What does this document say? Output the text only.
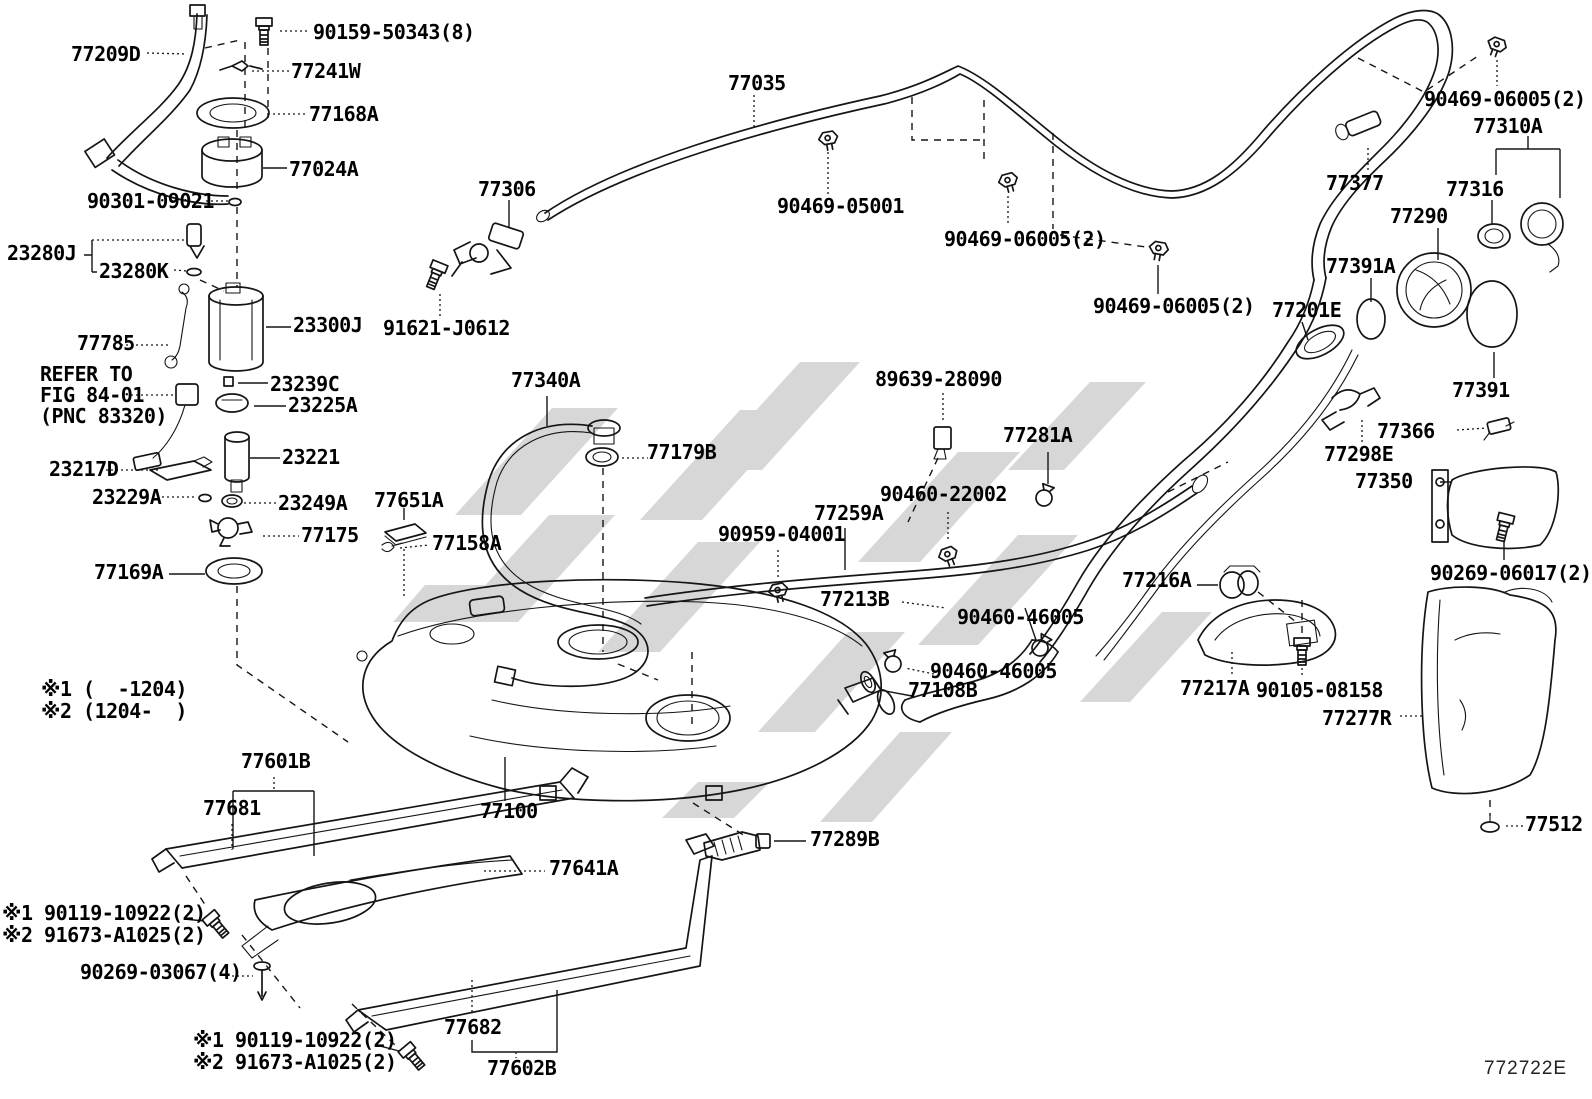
90159-50343(8)
77209D
77241W
77168A
77024A
90301-09021
23280J
23280K
23300J 91621-J0612
77785
REFER TO
FIG 84-01
(PNC 83320)
23239C
23225A
23221
23217D
23229A	23249A 77651A
77175	77158A
77169A
※1 (  -1204)
※2 (1204-  )
77035
77306
90469-05001
90469-06005(2)
90469-06005(2)
90469-06005(2)
77310A
77377	77316
77290
77391A
77201E
77391
77366
77298E
77350
90269-06017(2)
77216A
77217A 90105-08158
77277R
77512
772722E
77340A
77179B
89639-28090
77281A
90460-22002
77259A
90959-04001
77213B
90460-46005
90460-46005
77108B
77601B
77681	77100
77641A
77289B
※1 90119-10922(2)
※2 91673-A1025(2)
90269-03067(4)
※1 90119-10922(2)
※2 91673-A1025(2)
77682
77602B
